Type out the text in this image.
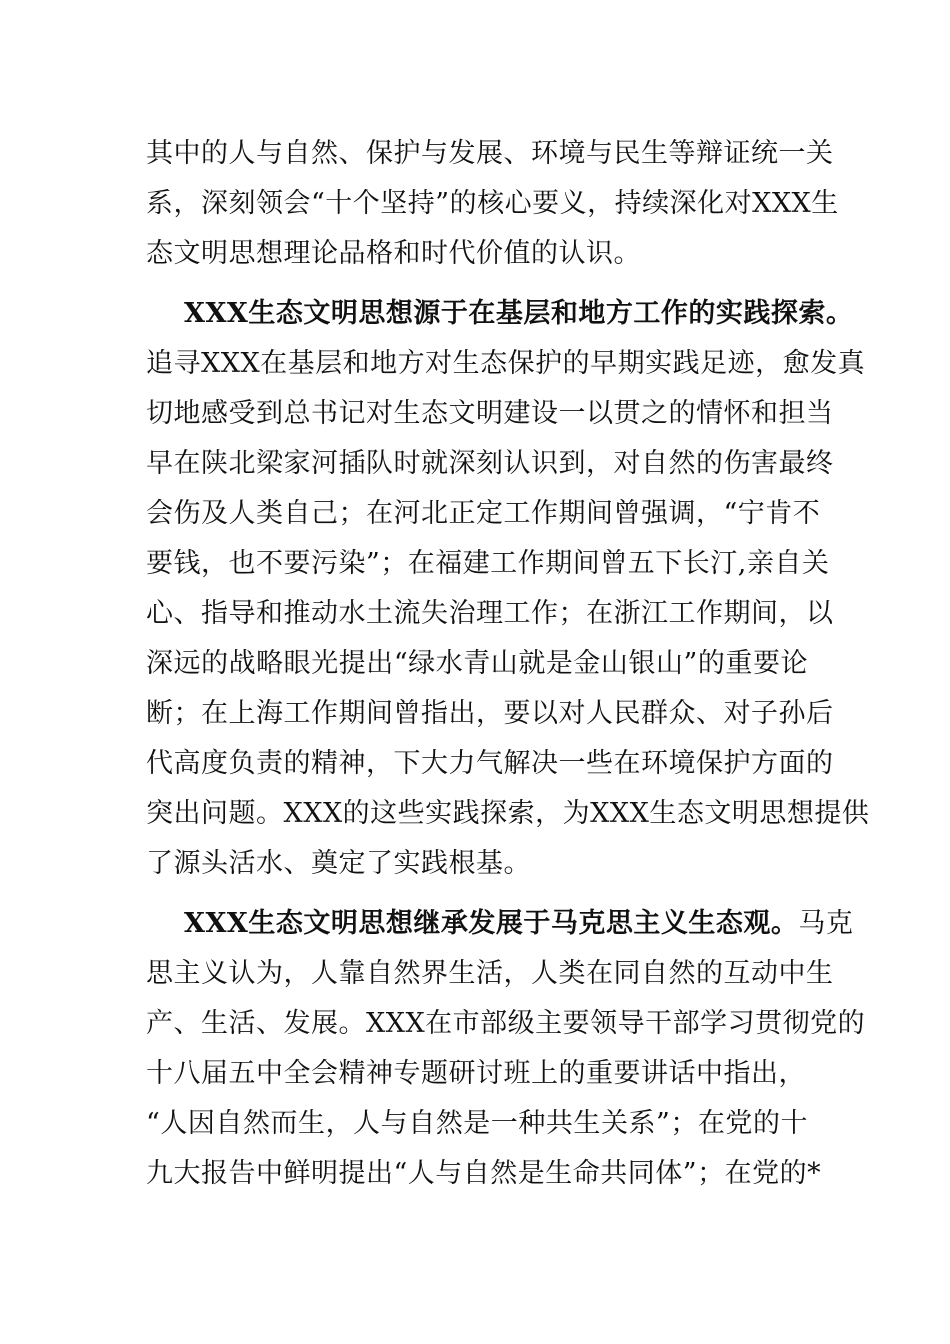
其中的人与自然、保护与发展、环境与民生等辩证统一关
系，深刻领会“十个坚持”的核心要义，持续深化对XXX生
态文明思想理论品格和时代价值的认识。
XXX生态文明思想源于在基层和地方工作的实践探索。
追寻XXX在基层和地方对生态保护的早期实践足迹，愈发真
切地感受到总书记对生态文明建设一以贯之的情怀和担当
早在陕北梁家河插队时就深刻认识到，对自然的伤害最终
会伤及人类自己；在河北正定工作期间曾强调，“宁肯不
要钱，也不要污染”；在福建工作期间曾五下长汀,亲自关
心、指导和推动水土流失治理工作；在浙江工作期间，以
深远的战略眼光提出“绿水青山就是金山银山”的重要论
断；在上海工作期间曾指出，要以对人民群众、对子孙后
代高度负责的精神，下大力气解决一些在环境保护方面的
突出问题。XXX的这些实践探索，为XXX生态文明思想提供
了源头活水、奠定了实践根基。
XXX生态文明思想继承发展于马克思主义生态观。 马克
思主义认为，人靠自然界生活，人类在同自然的互动中生
产、生活、发展。XXX在市部级主要领导干部学习贯彻党的
十八届五中全会精神专题研讨班上的重要讲话中指出，
“人因自然而生，人与自然是一种共生关系”；在党的十
九大报告中鲜明提出“人与自然是生命共同体”；在党的*
